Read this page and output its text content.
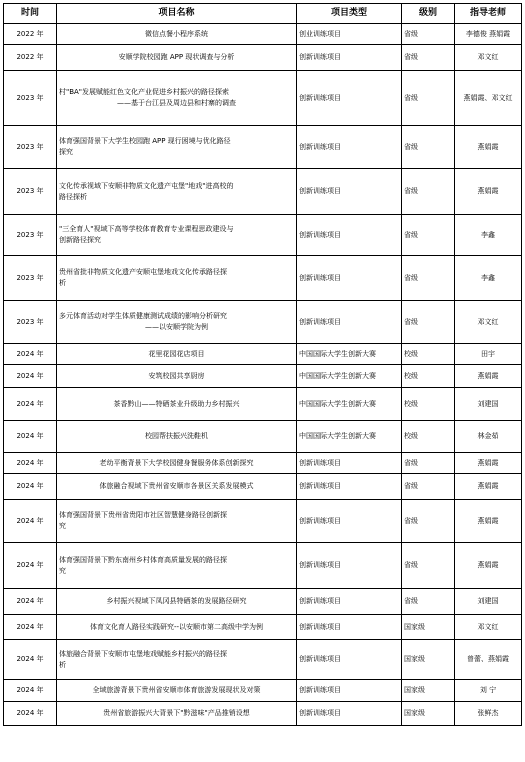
时间	项目名称	项目类型	级别	指导老师
2022 年	微信点餐小程序系统	创业训练项目	省级	李德俊 燕娟霞
2022 年	安顺学院校园跑 APP 现状调查与分析	创新训练项目	省级	邓文红
2023 年	村"BA"发展赋能红色文化产业促进乡村振兴的路径探索
——基于台江县及周边县和村寨的调查	创新训练项目	省级	燕娟霞、邓文红
2023 年	体育强国背景下大学生校园跑 APP 现行困境与优化路径
探究	创新训练项目	省级	燕娟霞
2023 年	文化传承视域下安顺非物质文化遗产屯堡"地戏"进高校的
路径探析	创新训练项目	省级	燕娟霞
2023 年	"三全育人"视域下高等学校体育教育专业课程思政建设与
创新路径探究	创新训练项目	省级	李鑫
2023 年	贵州省批非物质文化遗产安顺屯堡地戏文化传承路径探
析	创新训练项目	省级	李鑫
2023 年	多元体育活动对学生体质健康测试成绩的影响分析研究
——以安顺学院为例	创新训练项目	省级	邓文红
2024 年	花里花园花店项目	中国国际大学生创新大赛	校级	田宇
2024 年	安筑校园共享厨房	中国国际大学生创新大赛	校级	燕娟霞
2024 年	茶香黔山——特硒茶业升级助力乡村振兴	中国国际大学生创新大赛	校级	刘建国
2024 年	校园帮扶振兴洗鞋机	中国国际大学生创新大赛	校级	林金茹
2024 年	老幼平衡背景下大学校园健身餐服务体系创新探究	创新训练项目	省级	燕娟霞
2024 年	体旅融合视域下贵州省安顺市各景区关系发展模式	创新训练项目	省级	燕娟霞
2024 年	体育强国背景下贵州省贵阳市社区智慧健身路径创新探
究	创新训练项目	省级	燕娟霞
2024 年	体育强国背景下黔东南州乡村体育高质量发展的路径探
究	创新训练项目	省级	燕娟霞
2024 年	乡村振兴视域下凤冈县特硒茶的发展路径研究	创新训练项目	省级	刘建国
2024 年	体育文化育人路径实践研究--以安顺市第二高级中学为例	创新训练项目	国家级	邓文红
2024 年	体旅融合背景下安顺市屯堡地戏赋能乡村振兴的路径探
析	创新训练项目	国家级	曾蕾、燕娟霞
2024 年	全域旅游背景下贵州省安顺市体育旅游发展现状及对策	创新训练项目	国家级	刘 宁
2024 年	贵州省旅游振兴大背景下"黔滋味"产品推销设想	创新训练项目	国家级	张鲜杰
